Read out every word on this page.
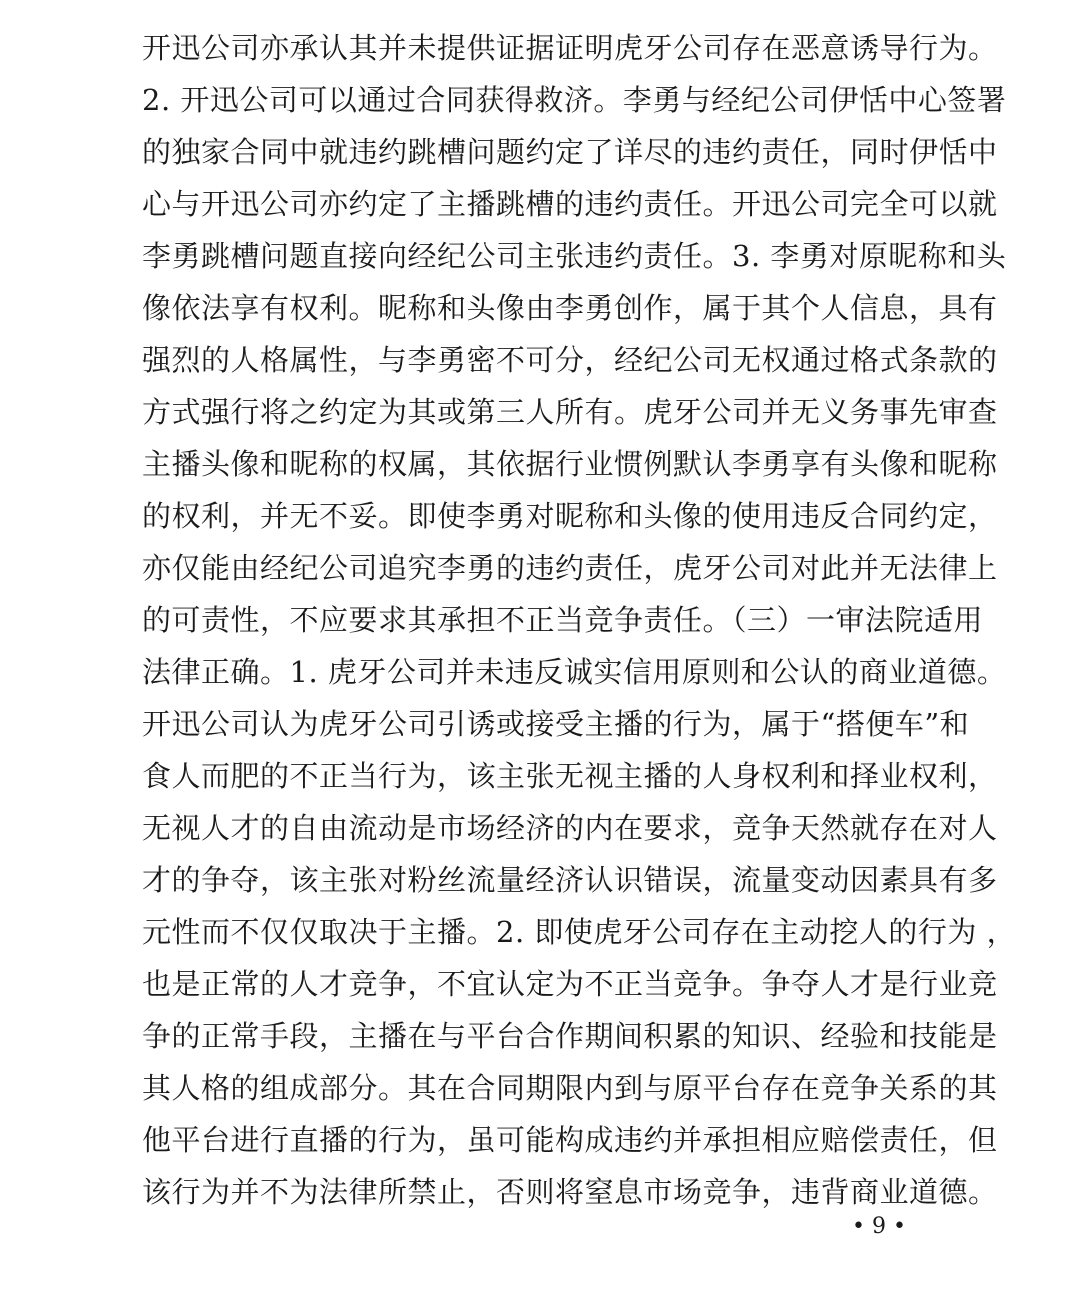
开迅公司亦承认其并未提供证据证明虎牙公司存在恶意诱导行为。
2. 开迅公司可以通过合同获得救济。李勇与经纪公司伊恬中心签署
的独家合同中就违约跳槽问题约定了详尽的违约责任，同时伊恬中
心与开迅公司亦约定了主播跳槽的违约责任。开迅公司完全可以就
李勇跳槽问题直接向经纪公司主张违约责任。3. 李勇对原昵称和头
像依法享有权利。昵称和头像由李勇创作，属于其个人信息，具有
强烈的人格属性，与李勇密不可分，经纪公司无权通过格式条款的
方式强行将之约定为其或第三人所有。虎牙公司并无义务事先审查
主播头像和昵称的权属，其依据行业惯例默认李勇享有头像和昵称
的权利，并无不妥。即使李勇对昵称和头像的使用违反合同约定，
亦仅能由经纪公司追究李勇的违约责任，虎牙公司对此并无法律上
的可责性，不应要求其承担不正当竞争责任。（三）一审法院适用
法律正确。1. 虎牙公司并未违反诚实信用原则和公认的商业道德。
开迅公司认为虎牙公司引诱或接受主播的行为，属于“搭便车”和
食人而肥的不正当行为，该主张无视主播的人身权利和择业权利，
无视人才的自由流动是市场经济的内在要求，竞争天然就存在对人
才的争夺，该主张对粉丝流量经济认识错误，流量变动因素具有多
元性而不仅仅取决于主播。2. 即使虎牙公司存在主动挖人的行为 ，
也是正常的人才竞争，不宜认定为不正当竞争。争夺人才是行业竞
争的正常手段，主播在与平台合作期间积累的知识、经验和技能是
其人格的组成部分。其在合同期限内到与原平台存在竞争关系的其
他平台进行直播的行为，虽可能构成违约并承担相应赔偿责任，但
该行为并不为法律所禁止，否则将窒息市场竞争，违背商业道德。
• 9 •
